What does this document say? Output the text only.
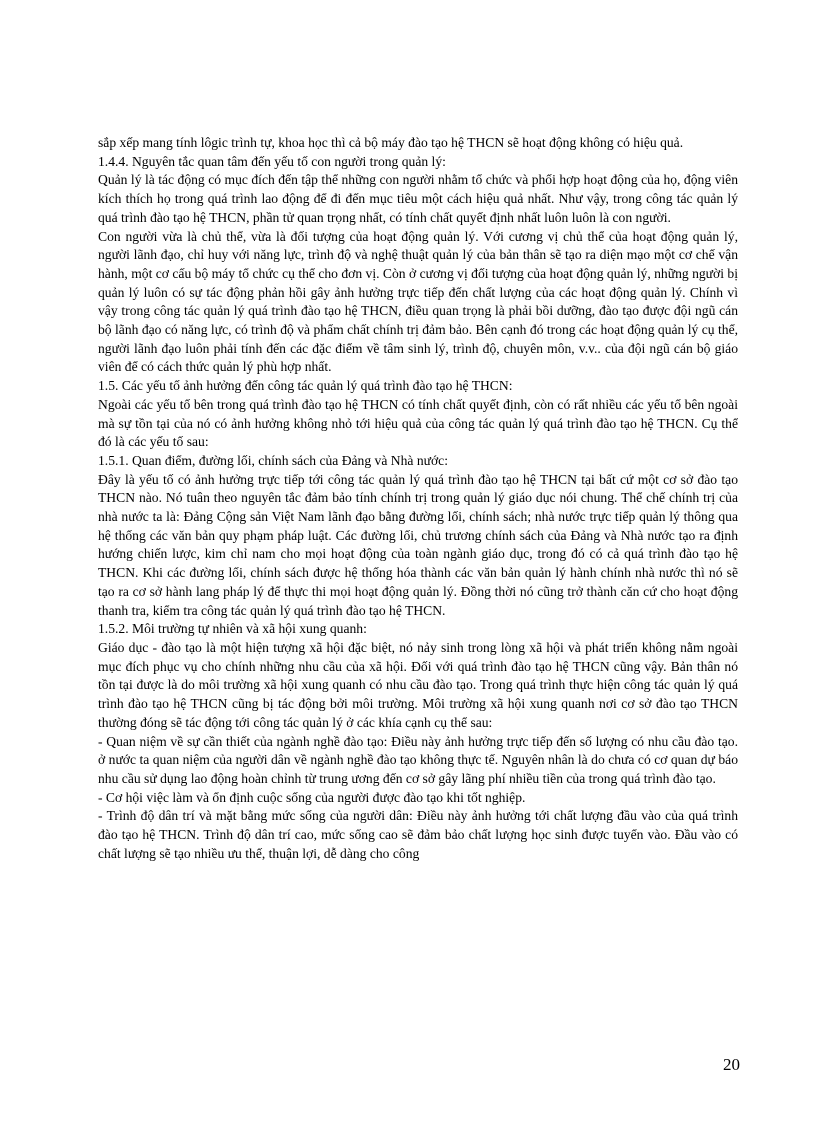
sắp xếp mang tính lôgic trình tự, khoa học thì cả bộ máy đào tạo hệ THCN sẽ hoạt động không có hiệu quả.

1.4.4. Nguyên tắc quan tâm đến yếu tố con người trong quản lý:

Quản lý là tác động có mục đích đến tập thể những con người nhằm tổ chức và phối hợp hoạt động của họ, động viên kích thích họ trong quá trình lao động để đi đến mục tiêu một cách hiệu quả nhất. Như vậy, trong công tác quản lý quá trình đào tạo hệ THCN, phần tử quan trọng nhất, có tính chất quyết định nhất luôn luôn là con người.

Con người vừa là chủ thể, vừa là đối tượng của hoạt động quản lý. Với cương vị chủ thể của hoạt động quản lý, người lãnh đạo, chỉ huy với năng lực, trình độ và nghệ thuật quản lý của bản thân sẽ tạo ra diện mạo một cơ chế vận hành, một cơ cấu bộ máy tổ chức cụ thể cho đơn vị. Còn ở cương vị đối tượng của hoạt động quản lý, những người bị quản lý luôn có sự tác động phản hồi gây ảnh hưởng trực tiếp đến chất lượng của các hoạt động quản lý. Chính vì vậy trong công tác quản lý quá trình đào tạo hệ THCN, điều quan trọng là phải bồi dưỡng, đào tạo được đội ngũ cán bộ lãnh đạo có năng lực, có trình độ và phẩm chất chính trị đảm bảo. Bên cạnh đó trong các hoạt động quản lý cụ thể, người lãnh đạo luôn phải tính đến các đặc điểm về tâm sinh lý, trình độ, chuyên môn, v.v.. của đội ngũ cán bộ giáo viên để có cách thức quản lý phù hợp nhất.

1.5. Các yếu tố ảnh hưởng đến công tác quản lý quá trình đào tạo hệ THCN:

Ngoài các yếu tố bên trong quá trình đào tạo hệ THCN có tính chất quyết định, còn có rất nhiều các yếu tố bên ngoài mà sự tồn tại của nó có ảnh hưởng không nhỏ tới hiệu quả của công tác quản lý quá trình đào tạo hệ THCN. Cụ thể đó là các yếu tố sau:

1.5.1. Quan điểm, đường lối, chính sách của Đảng và Nhà nước:

Đây là yếu tố có ảnh hưởng trực tiếp tới công tác quản lý quá trình đào tạo hệ THCN tại bất cứ một cơ sở đào tạo THCN nào. Nó tuân theo nguyên tắc đảm bảo tính chính trị trong quản lý giáo dục nói chung. Thể chế chính trị của nhà nước ta là: Đảng Cộng sản Việt Nam lãnh đạo bằng đường lối, chính sách; nhà nước trực tiếp quản lý thông qua hệ thống các văn bản quy phạm pháp luật. Các đường lối, chủ trương chính sách của Đảng và Nhà nước tạo ra định hướng chiến lược, kim chỉ nam cho mọi hoạt động của toàn ngành giáo dục, trong đó có cả quá trình đào tạo hệ THCN. Khi các đường lối, chính sách được hệ thống hóa thành các văn bản quản lý hành chính nhà nước thì nó sẽ tạo ra cơ sở hành lang pháp lý để thực thi mọi hoạt động quản lý. Đồng thời nó cũng trở thành căn cứ cho hoạt động thanh tra, kiểm tra công tác quản lý quá trình đào tạo hệ THCN.

1.5.2. Môi trường tự nhiên và xã hội xung quanh:

Giáo dục - đào tạo là một hiện tượng xã hội đặc biệt, nó nảy sinh trong lòng xã hội và phát triển không nằm ngoài mục đích phục vụ cho chính những nhu cầu của xã hội. Đối với quá trình đào tạo hệ THCN cũng vậy. Bản thân nó tồn tại được là do môi trường xã hội xung quanh có nhu cầu đào tạo. Trong quá trình thực hiện công tác quản lý quá trình đào tạo hệ THCN cũng bị tác động bởi môi trường. Môi trường xã hội xung quanh nơi cơ sở đào tạo THCN thường đóng sẽ tác động tới công tác quản lý ở các khía cạnh cụ thể sau:

- Quan niệm về sự cần thiết của ngành nghề đào tạo: Điều này ảnh hưởng trực tiếp đến số lượng có nhu cầu đào tạo. ở nước ta quan niệm của người dân về ngành nghề đào tạo không thực tế. Nguyên nhân là do chưa có cơ quan dự báo nhu cầu sử dụng lao động hoàn chỉnh từ trung ương đến cơ sở gây lãng phí nhiều tiền của trong quá trình đào tạo.

- Cơ hội việc làm và ổn định cuộc sống của người được đào tạo khi tốt nghiệp.

- Trình độ dân trí và mặt bằng mức sống của người dân: Điều này ảnh hưởng tới chất lượng đầu vào của quá trình đào tạo hệ THCN. Trình độ dân trí cao, mức sống cao sẽ đảm bảo chất lượng học sinh được tuyển vào. Đầu vào có chất lượng sẽ tạo nhiều ưu thế, thuận lợi, dễ dàng cho công

20
